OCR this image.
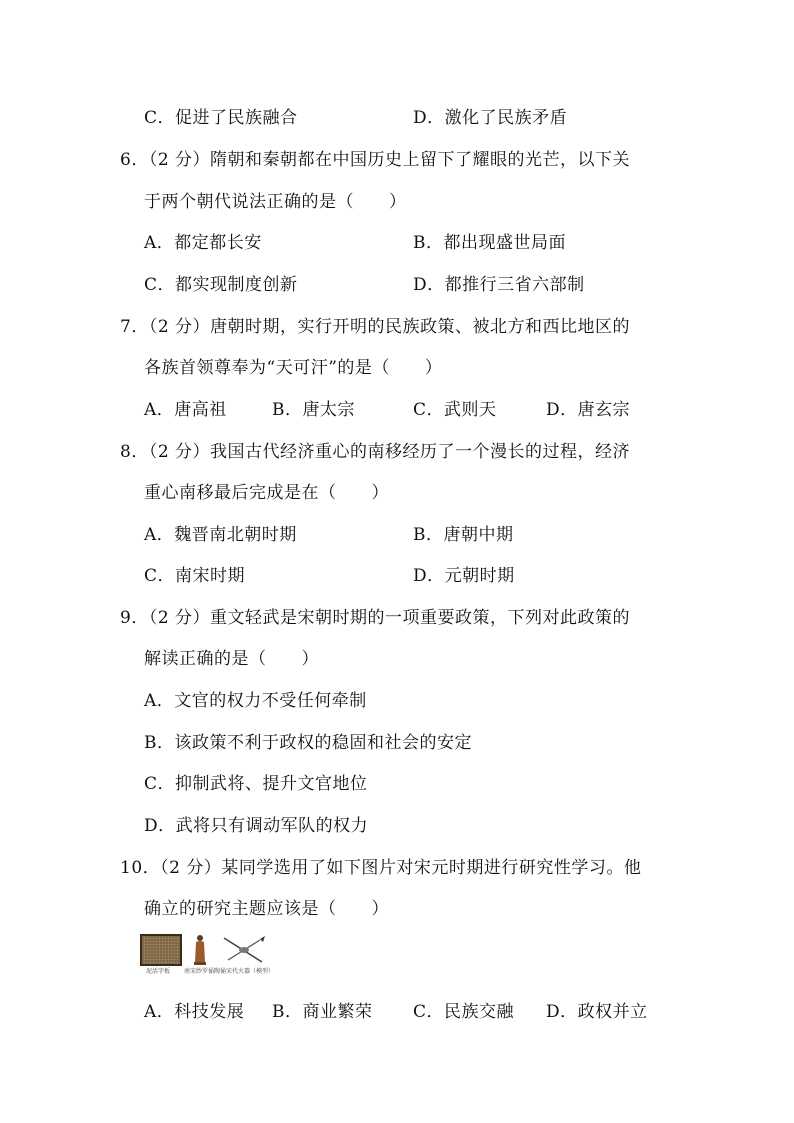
C．促进了民族融合	D．激化了民族矛盾
6．（2 分）隋朝和秦朝都在中国历史上留下了耀眼的光芒，以下关
于两个朝代说法正确的是（　　）
A．都定都长安	B．都出现盛世局面
C．都实现制度创新	D．都推行三省六部制
7．（2 分）唐朝时期，实行开明的民族政策、被北方和西比地区的
各族首领尊奉为“天可汗”的是（　　）
A．唐高祖	B．唐太宗	C．武则天	D．唐玄宗
8．（2 分）我国古代经济重心的南移经历了一个漫长的过程，经济
重心南移最后完成是在（　　）
A．魏晋南北朝时期	B．唐朝中期
C．南宋时期	D．元朝时期
9．（2 分）重文轻武是宋朝时期的一项重要政策，下列对此政策的
解读正确的是（　　）
A．文官的权力不受任何牵制
B．该政策不利于政权的稳固和社会的安定
C．抑制武将、提升文官地位
D．武将只有调动军队的权力
10．（2 分）某同学选用了如下图片对宋元时期进行研究性学习。他
确立的研究主题应该是（　　）
泥活字板 南宋纱罗俑陶俑 宋代火器（模型）
A．科技发展 B．商业繁荣 C．民族交融 D．政权并立
